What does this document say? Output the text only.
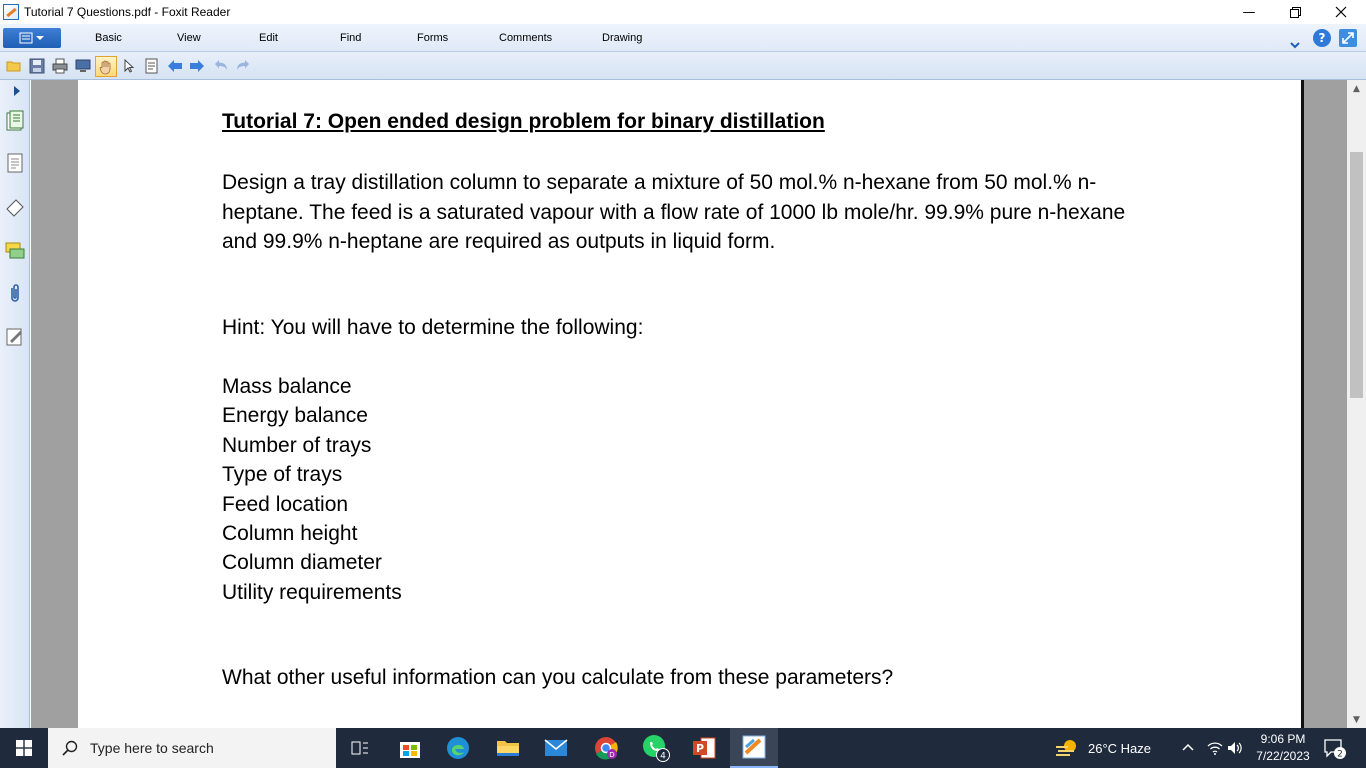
Tutorial 7 Questions.pdf - Foxit Reader	—
Basic	View	Edit	Find	Forms	Comments	Drawing	?
Tutorial 7: Open ended design problem for binary distillation
Design a tray distillation column to separate a mixture of 50 mol.% n-hexane from 50 mol.% n-heptane. The feed is a saturated vapour with a flow rate of 1000 lb mole/hr. 99.9% pure n-hexane and 99.9% n-heptane are required as outputs in liquid form.
Hint: You will have to determine the following:
Mass balance
Energy balance
Number of trays
Type of trays
Feed location
Column height
Column diameter
Utility requirements
What other useful information can you calculate from these parameters?
▲
▼
Type here to search	D	4
P	26°C Haze
9:06 PM
7/22/2023	2
